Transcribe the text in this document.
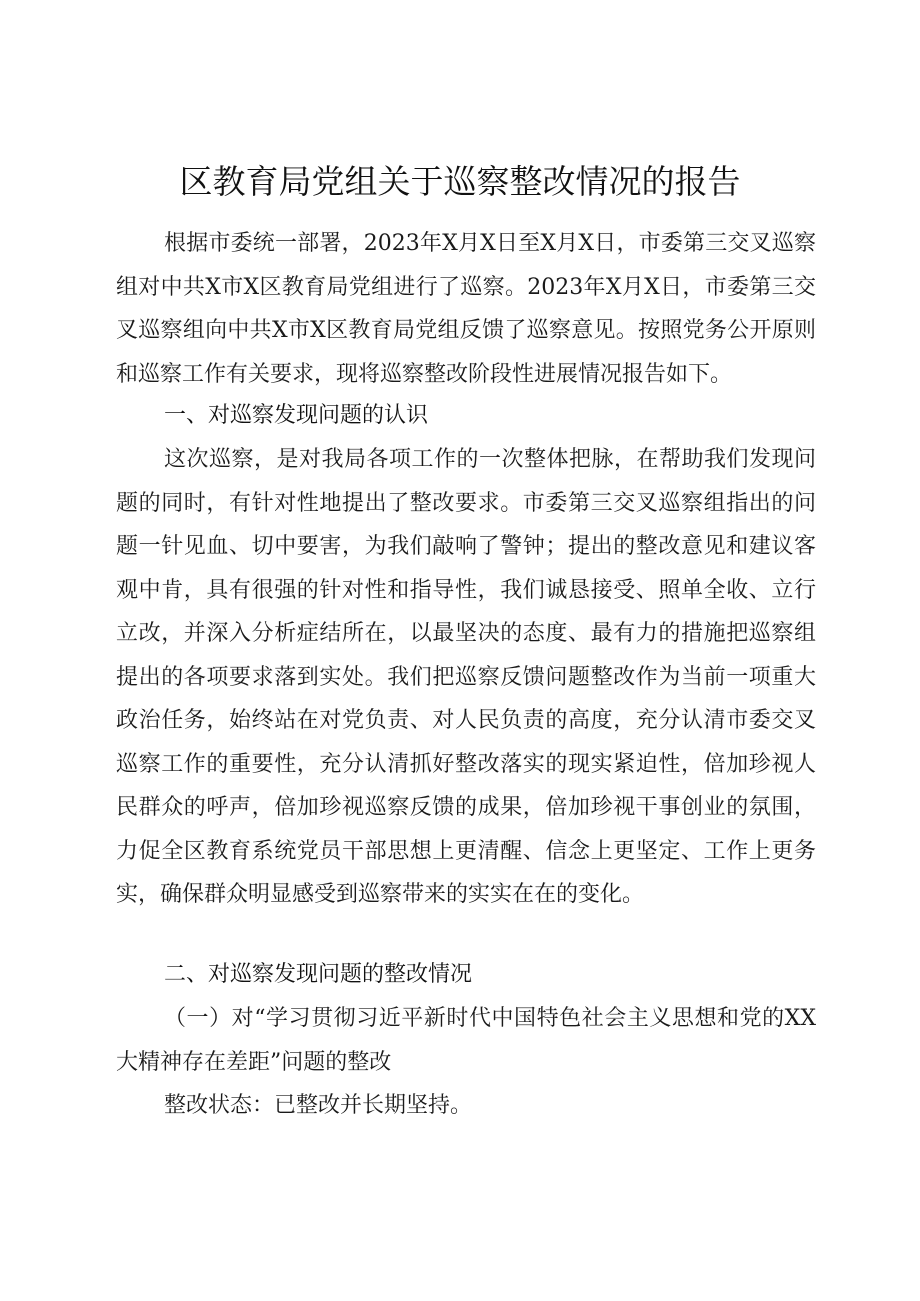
区教育局党组关于巡察整改情况的报告

根据市委统一部署，2023年X月X日至X月X日，市委第三交叉巡察组对中共X市X区教育局党组进行了巡察。2023年X月X日，市委第三交叉巡察组向中共X市X区教育局党组反馈了巡察意见。按照党务公开原则和巡察工作有关要求，现将巡察整改阶段性进展情况报告如下。

一、对巡察发现问题的认识

这次巡察，是对我局各项工作的一次整体把脉，在帮助我们发现问题的同时，有针对性地提出了整改要求。市委第三交叉巡察组指出的问题一针见血、切中要害，为我们敲响了警钟；提出的整改意见和建议客观中肯，具有很强的针对性和指导性，我们诚恳接受、照单全收、立行立改，并深入分析症结所在，以最坚决的态度、最有力的措施把巡察组提出的各项要求落到实处。我们把巡察反馈问题整改作为当前一项重大政治任务，始终站在对党负责、对人民负责的高度，充分认清市委交叉巡察工作的重要性，充分认清抓好整改落实的现实紧迫性，倍加珍视人民群众的呼声，倍加珍视巡察反馈的成果，倍加珍视干事创业的氛围，力促全区教育系统党员干部思想上更清醒、信念上更坚定、工作上更务实，确保群众明显感受到巡察带来的实实在在的变化。

二、对巡察发现问题的整改情况

（一）对“学习贯彻习近平新时代中国特色社会主义思想和党的XX大精神存在差距”问题的整改

整改状态：已整改并长期坚持。
